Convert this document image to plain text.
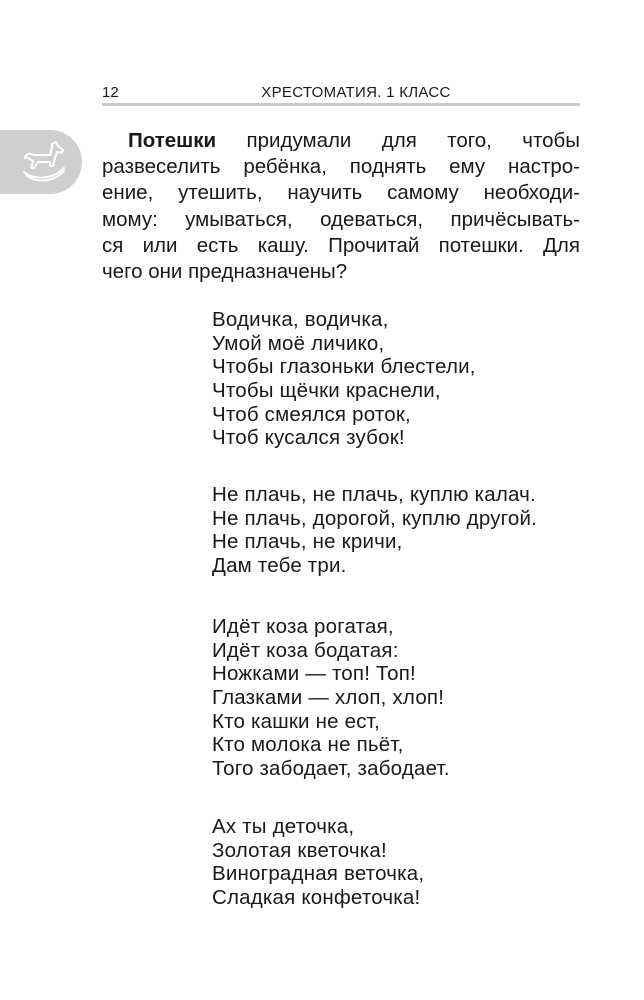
12	ХРЕСТОМАТИЯ. 1 КЛАСС
Потешки придумали для того, чтобы
развеселить ребёнка, поднять ему настро-
ение, утешить, научить самому необходи-
мому: умываться, одеваться, причёсывать-
ся или есть кашу. Прочитай потешки. Для
чего они предназначены?
Водичка, водичка,
Умой моё личико,
Чтобы глазоньки блестели,
Чтобы щёчки краснели,
Чтоб смеялся роток,
Чтоб кусался зубок!
Не плачь, не плачь, куплю калач.
Не плачь, дорогой, куплю другой.
Не плачь, не кричи,
Дам тебе три.
Идёт коза рогатая,
Идёт коза бодатая:
Ножками — топ! Топ!
Глазками — хлоп, хлоп!
Кто кашки не ест,
Кто молока не пьёт,
Того забодает, забодает.
Ах ты деточка,
Золотая кветочка!
Виноградная веточка,
Сладкая конфеточка!
